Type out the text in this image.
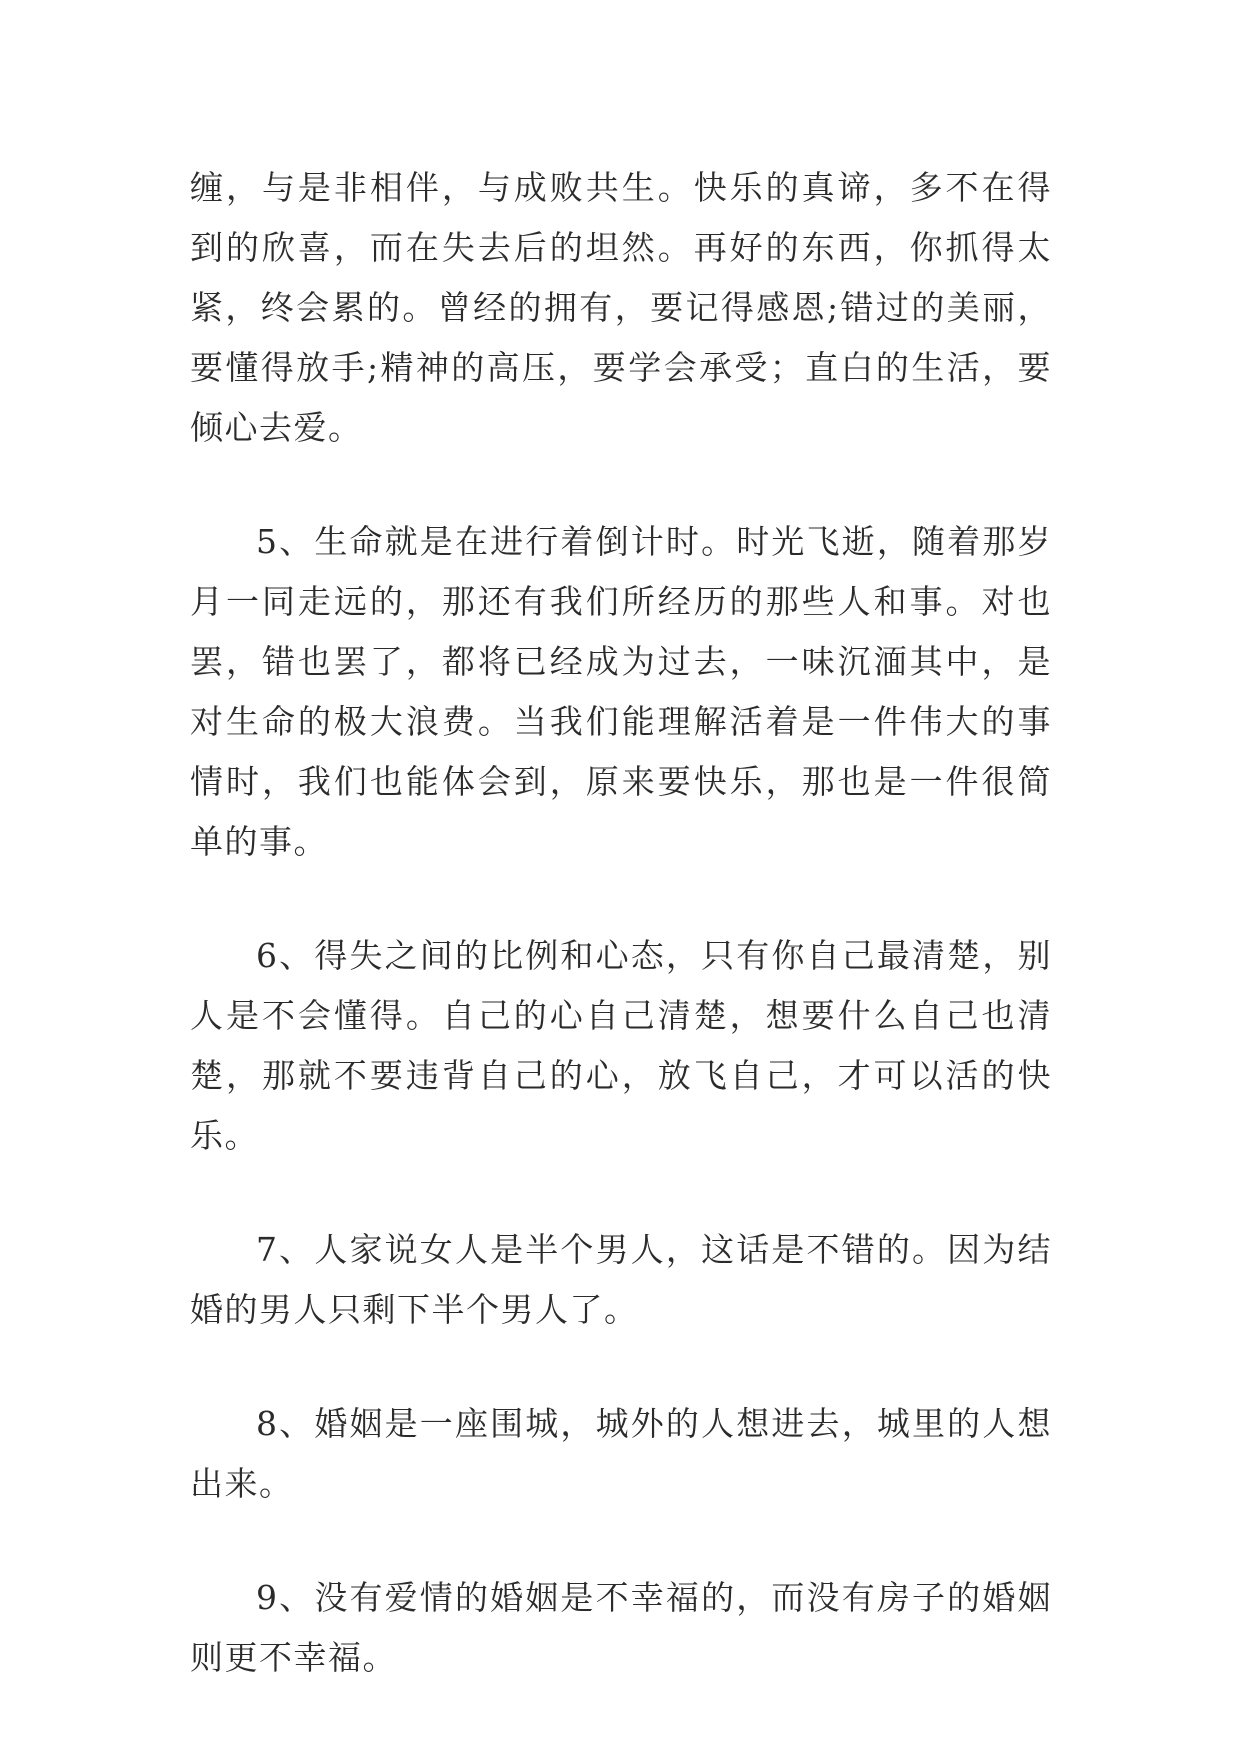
缠，与是非相伴，与成败共生。快乐的真谛，多不在得到的欣喜，而在失去后的坦然。再好的东西，你抓得太紧，终会累的。曾经的拥有，要记得感恩;错过的美丽，要懂得放手;精神的高压，要学会承受；直白的生活，要倾心去爱。

5、生命就是在进行着倒计时。时光飞逝，随着那岁月一同走远的，那还有我们所经历的那些人和事。对也罢，错也罢了，都将已经成为过去，一味沉湎其中，是对生命的极大浪费。当我们能理解活着是一件伟大的事情时，我们也能体会到，原来要快乐，那也是一件很简单的事。

6、得失之间的比例和心态，只有你自己最清楚，别人是不会懂得。自己的心自己清楚，想要什么自己也清楚，那就不要违背自己的心，放飞自己，才可以活的快乐。

7、人家说女人是半个男人，这话是不错的。因为结婚的男人只剩下半个男人了。

8、婚姻是一座围城，城外的人想进去，城里的人想出来。

9、没有爱情的婚姻是不幸福的，而没有房子的婚姻则更不幸福。
